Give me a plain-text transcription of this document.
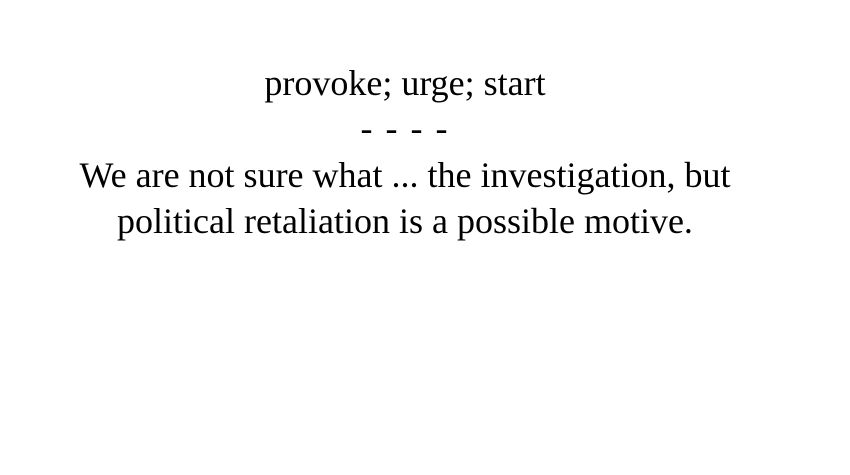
provoke; urge; start
- - - -
We are not sure what ... the investigation, but
political retaliation is a possible motive.
